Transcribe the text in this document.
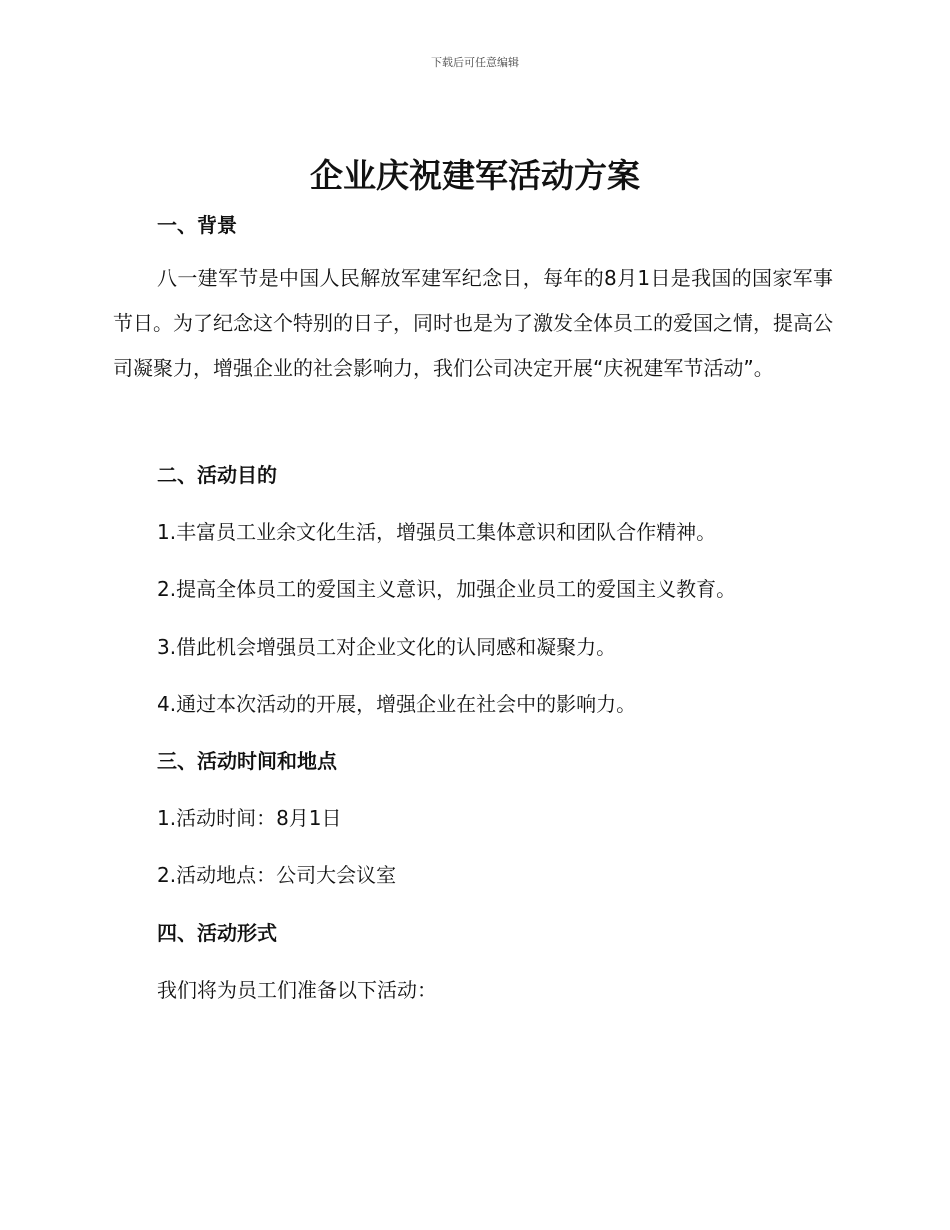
下载后可任意编辑
企业庆祝建军活动方案
一、背景

八一建军节是中国人民解放军建军纪念日，每年的8月1日是我国的国家军事节日。为了纪念这个特别的日子，同时也是为了激发全体员工的爱国之情，提高公司凝聚力，增强企业的社会影响力，我们公司决定开展“庆祝建军节活动”。

二、活动目的

1.丰富员工业余文化生活，增强员工集体意识和团队合作精神。

2.提高全体员工的爱国主义意识，加强企业员工的爱国主义教育。

3.借此机会增强员工对企业文化的认同感和凝聚力。

4.通过本次活动的开展，增强企业在社会中的影响力。

三、活动时间和地点

1.活动时间：8月1日

2.活动地点：公司大会议室

四、活动形式

我们将为员工们准备以下活动：
